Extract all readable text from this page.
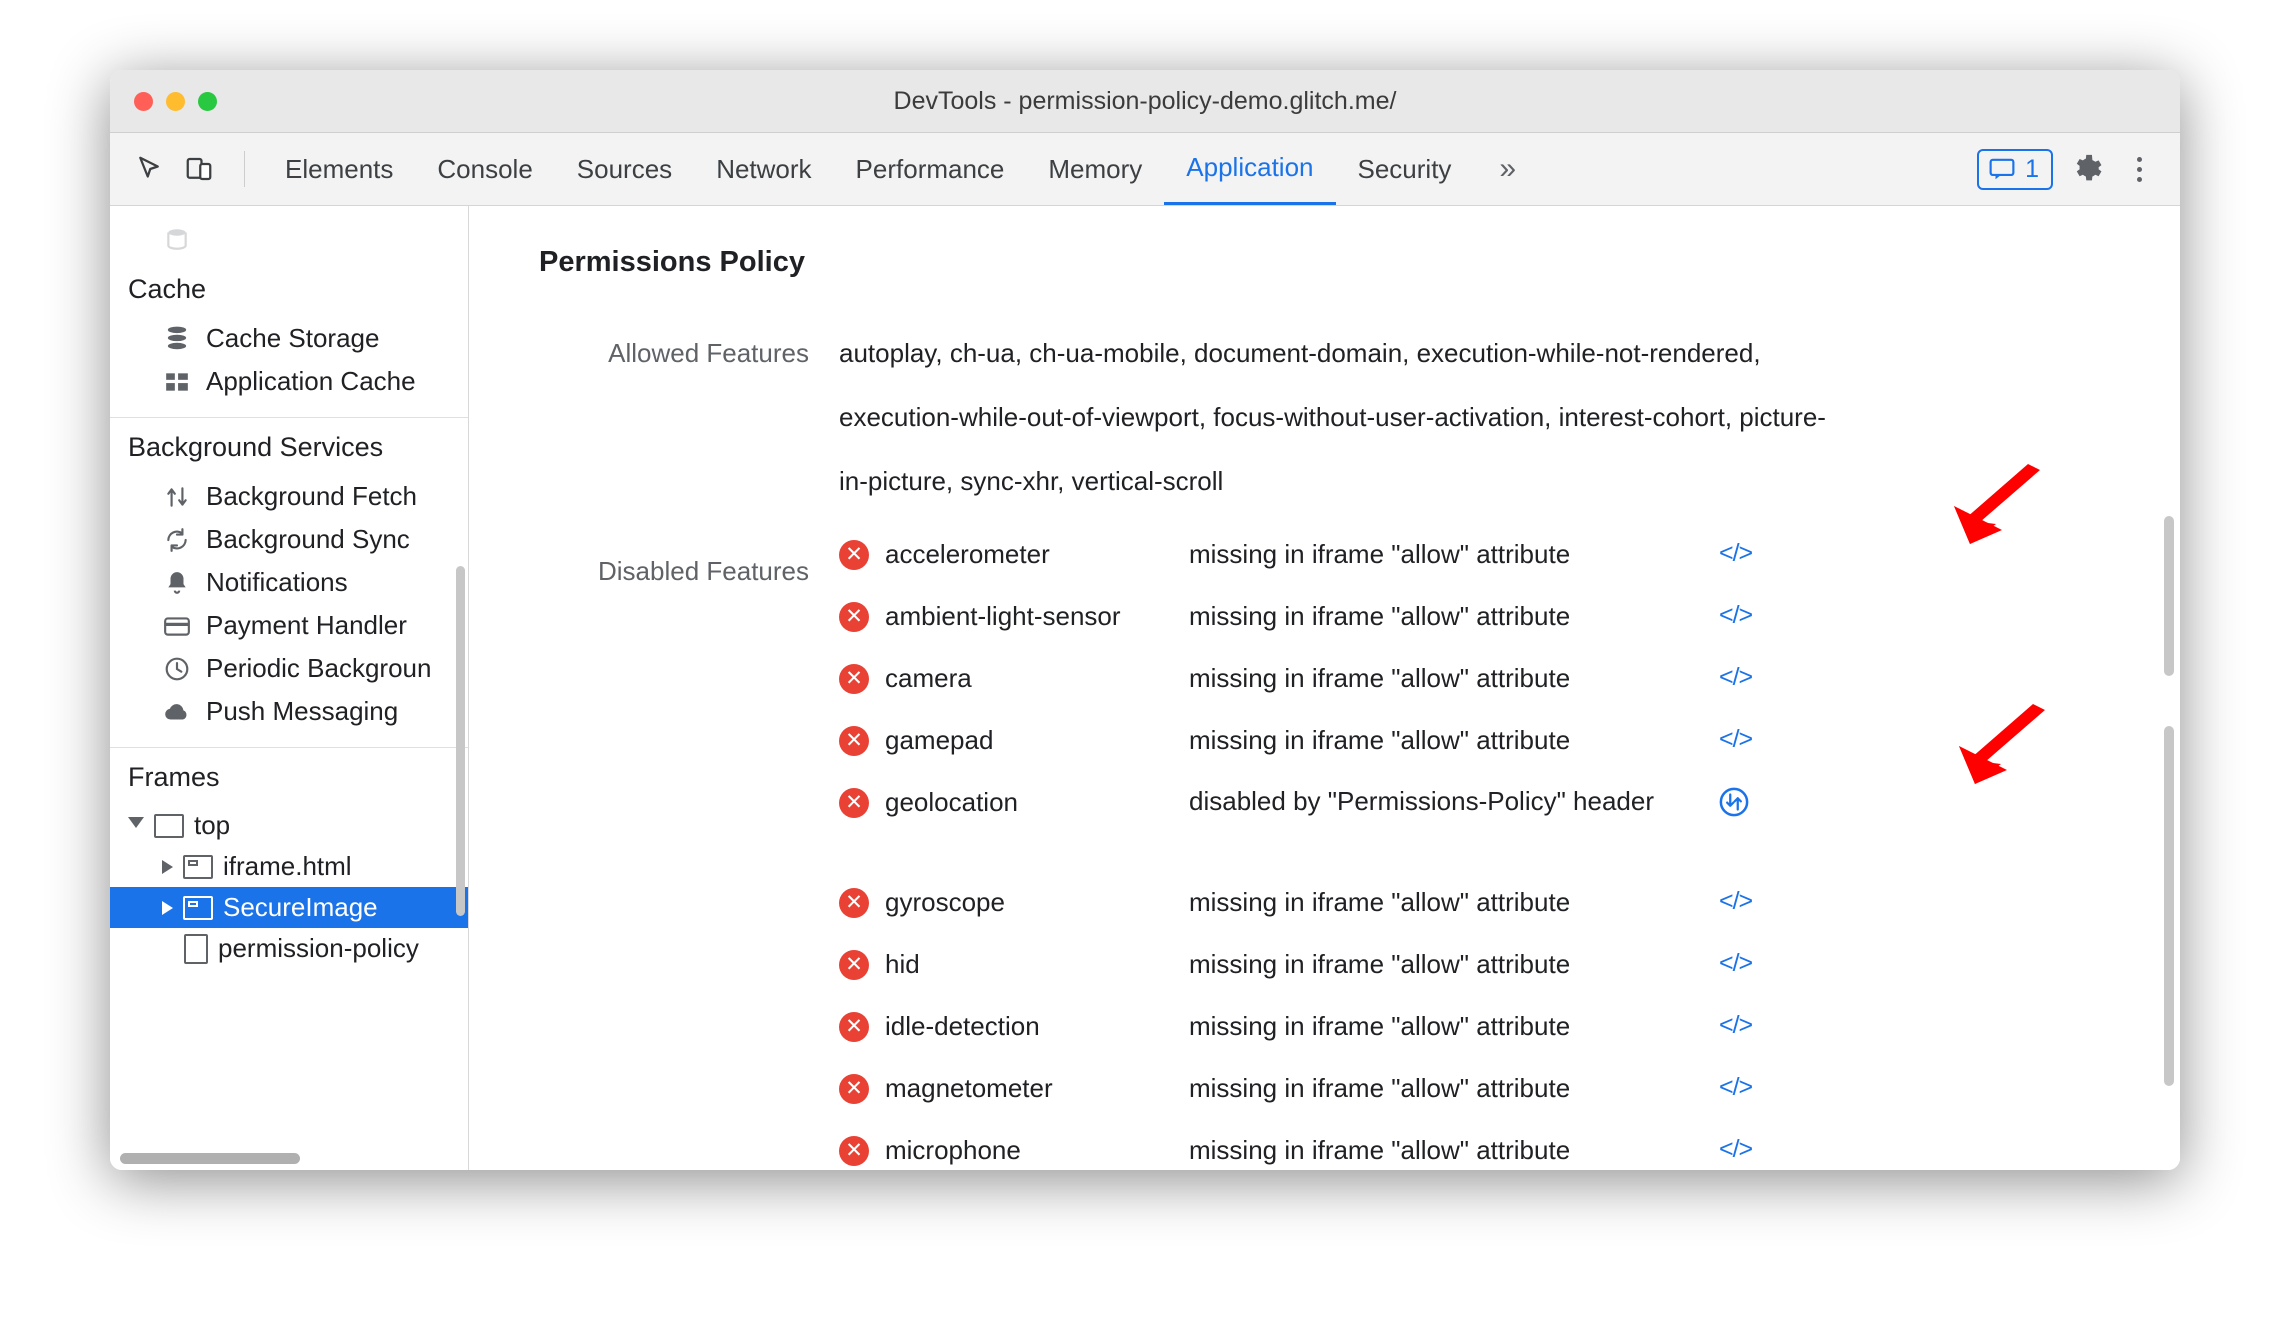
DevTools - permission-policy-demo.glitch.me/
Elements	Console	Sources	Network	Performance	Memory	Application	Security	»	1
Cache
Cache Storage
Application Cache
Background Services
Background Fetch
Background Sync
Notifications
Payment Handler
Periodic Backgroun
Push Messaging
Frames
top
iframe.html
SecureImage
permission-policy
Permissions Policy
Allowed Features	autoplay, ch-ua, ch-ua-mobile, document-domain, execution-while-not-rendered, execution-while-out-of-viewport, focus-without-user-activation, interest-cohort, picture-in-picture, sync-xhr, vertical-scroll
Disabled Features
✕ accelerometer	missing in iframe "allow" attribute	</>
✕ ambient-light-sensor	missing in iframe "allow" attribute	</>
✕ camera	missing in iframe "allow" attribute	</>
✕ gamepad	missing in iframe "allow" attribute	</>
✕ geolocation	disabled by "Permissions-Policy" header
✕ gyroscope	missing in iframe "allow" attribute	</>
✕ hid	missing in iframe "allow" attribute	</>
✕ idle-detection	missing in iframe "allow" attribute	</>
✕ magnetometer	missing in iframe "allow" attribute	</>
✕ microphone	missing in iframe "allow" attribute	</>
